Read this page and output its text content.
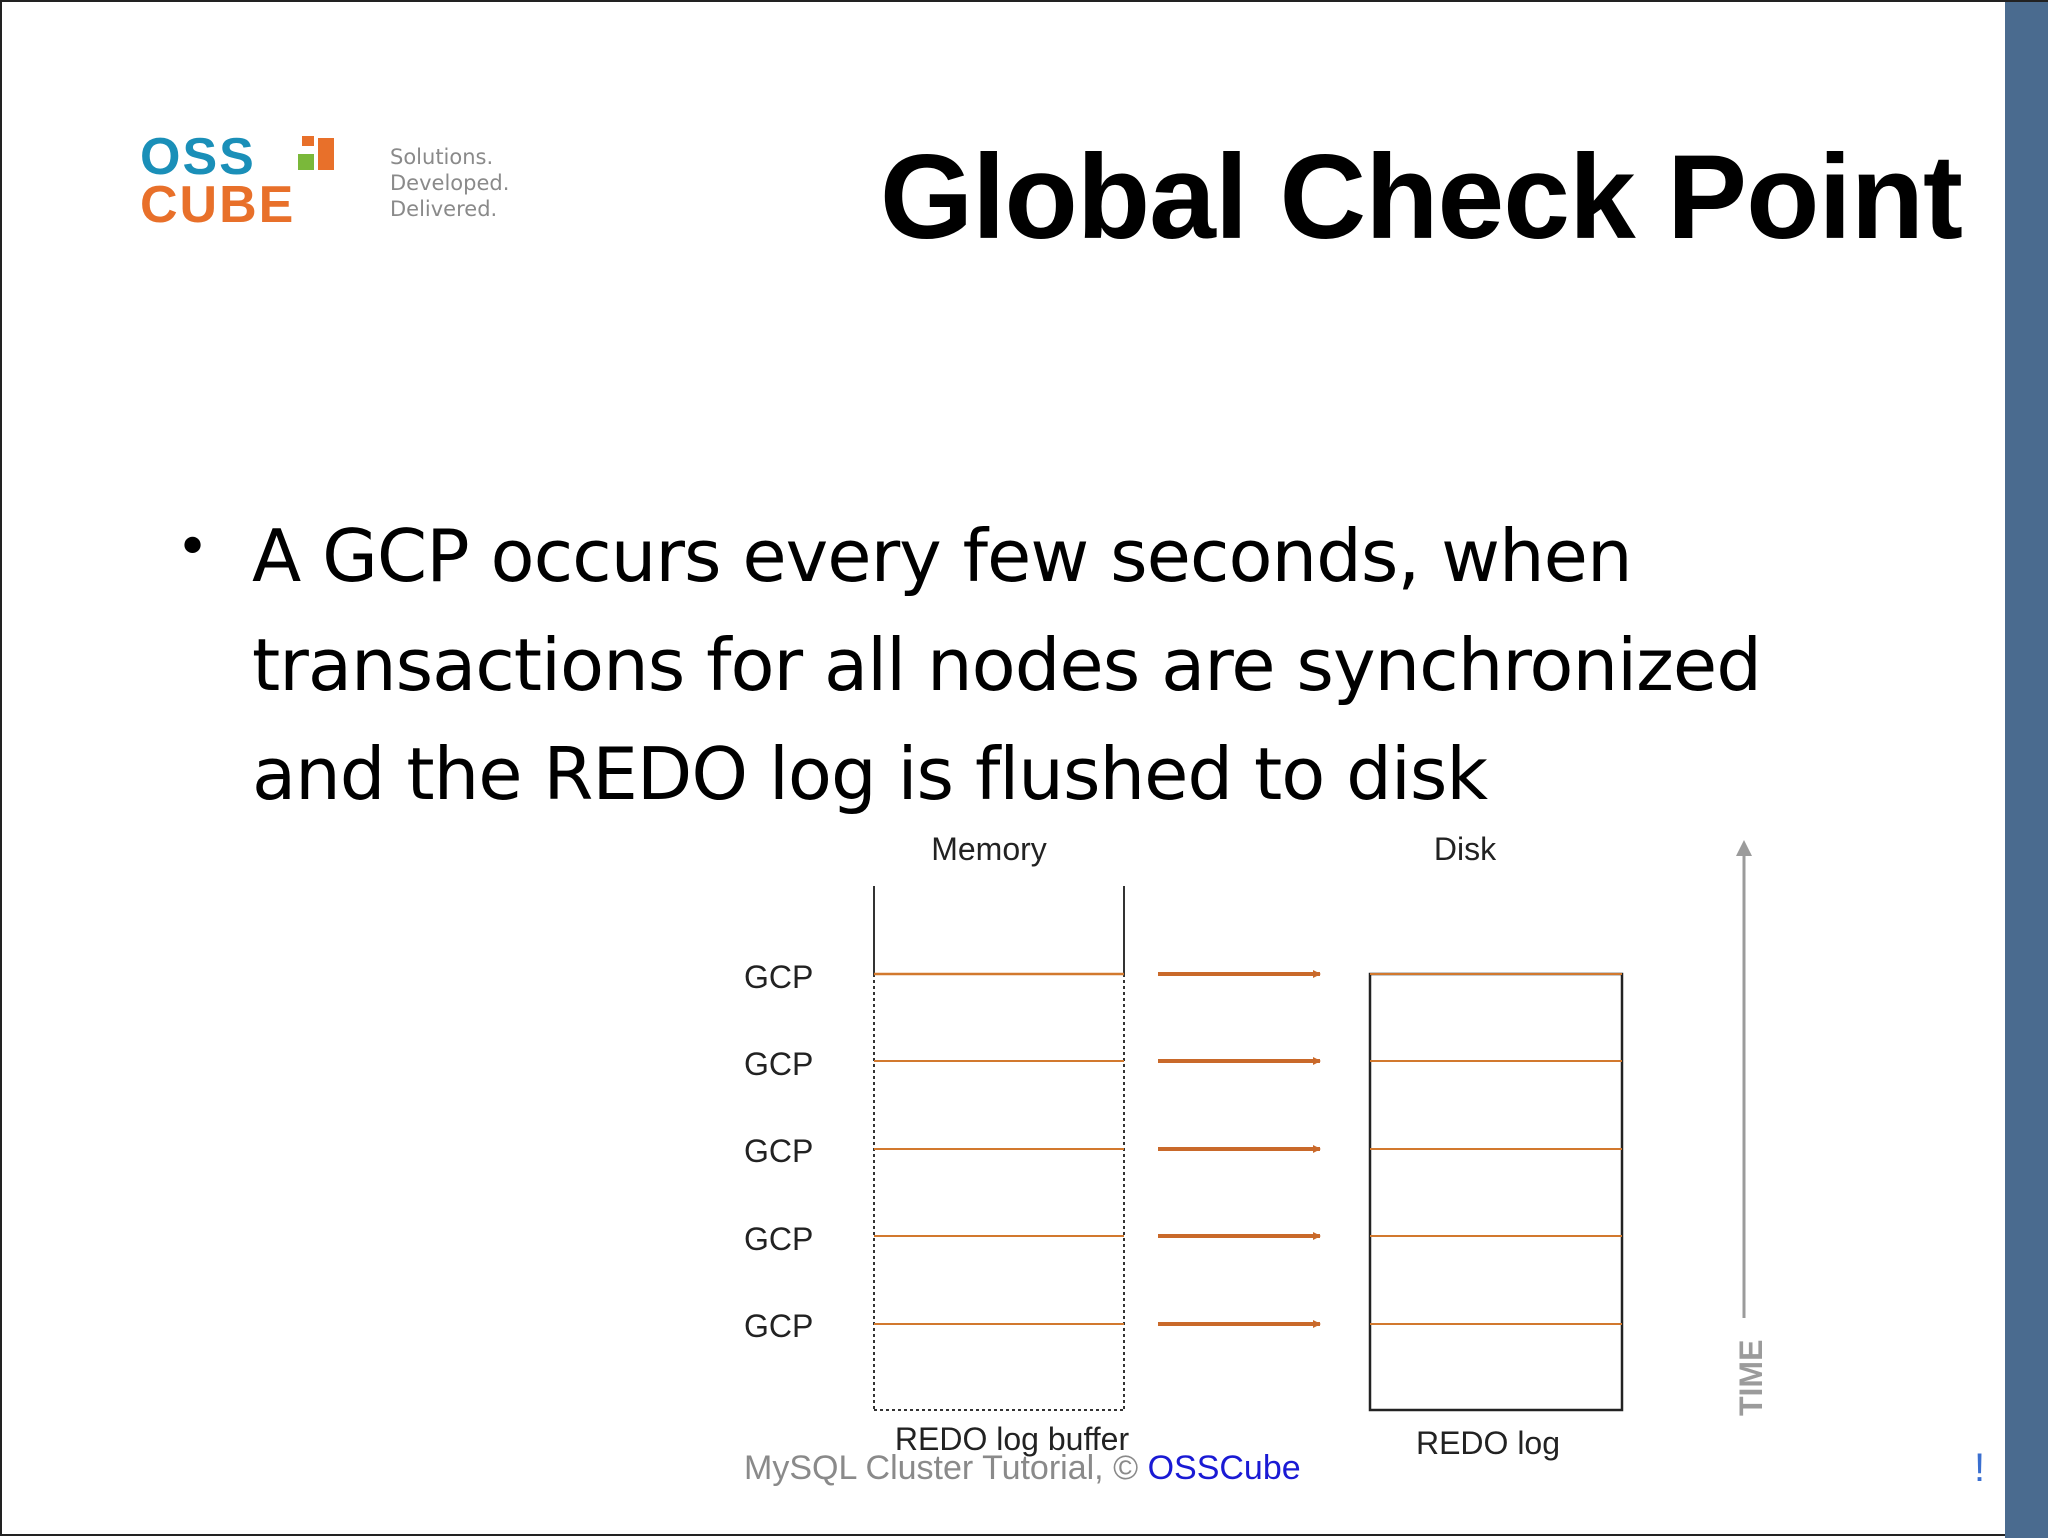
OSS
CUBE
Solutions.
Developed.
Delivered.	Global Check Point
• A GCP occurs every few seconds, when transactions for all nodes are synchronized and the REDO log is flushed to disk
Memory	Disk
GCP
GCP
GCP
GCP
GCP
REDO log buffer	REDO log
TIME
MySQL Cluster Tutorial, © OSSCube	!
